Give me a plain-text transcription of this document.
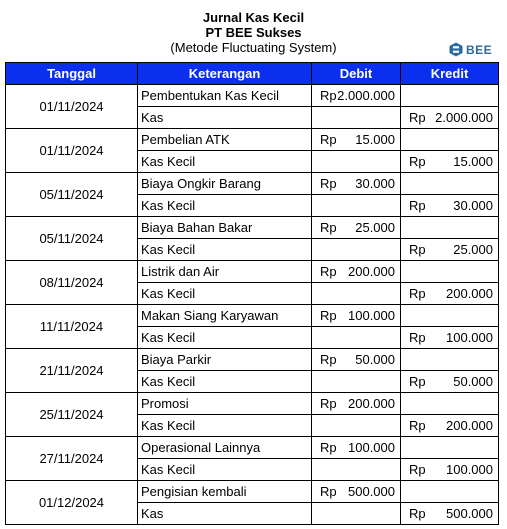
Jurnal Kas Kecil
PT BEE Sukses
(Metode Fluctuating System)	BEE
Tanggal	Keterangan	Debit	Kredit
01/11/2024	Pembentukan Kas Kecil	Rp 2.000.000	

	Kas		Rp 2.000.000

01/11/2024	Pembelian ATK	Rp 15.000	

	Kas Kecil		Rp 15.000

05/11/2024	Biaya Ongkir Barang	Rp 30.000	

	Kas Kecil		Rp 30.000

05/11/2024	Biaya Bahan Bakar	Rp 25.000	

	Kas Kecil		Rp 25.000

08/11/2024	Listrik dan Air	Rp 200.000	

	Kas Kecil		Rp 200.000

11/11/2024	Makan Siang Karyawan	Rp 100.000	

	Kas Kecil		Rp 100.000

21/11/2024	Biaya Parkir	Rp 50.000	

	Kas Kecil		Rp 50.000

25/11/2024	Promosi	Rp 200.000	

	Kas Kecil		Rp 200.000

27/11/2024	Operasional Lainnya	Rp 100.000	

	Kas Kecil		Rp 100.000

01/12/2024	Pengisian kembali	Rp 500.000	

	Kas		Rp 500.000
